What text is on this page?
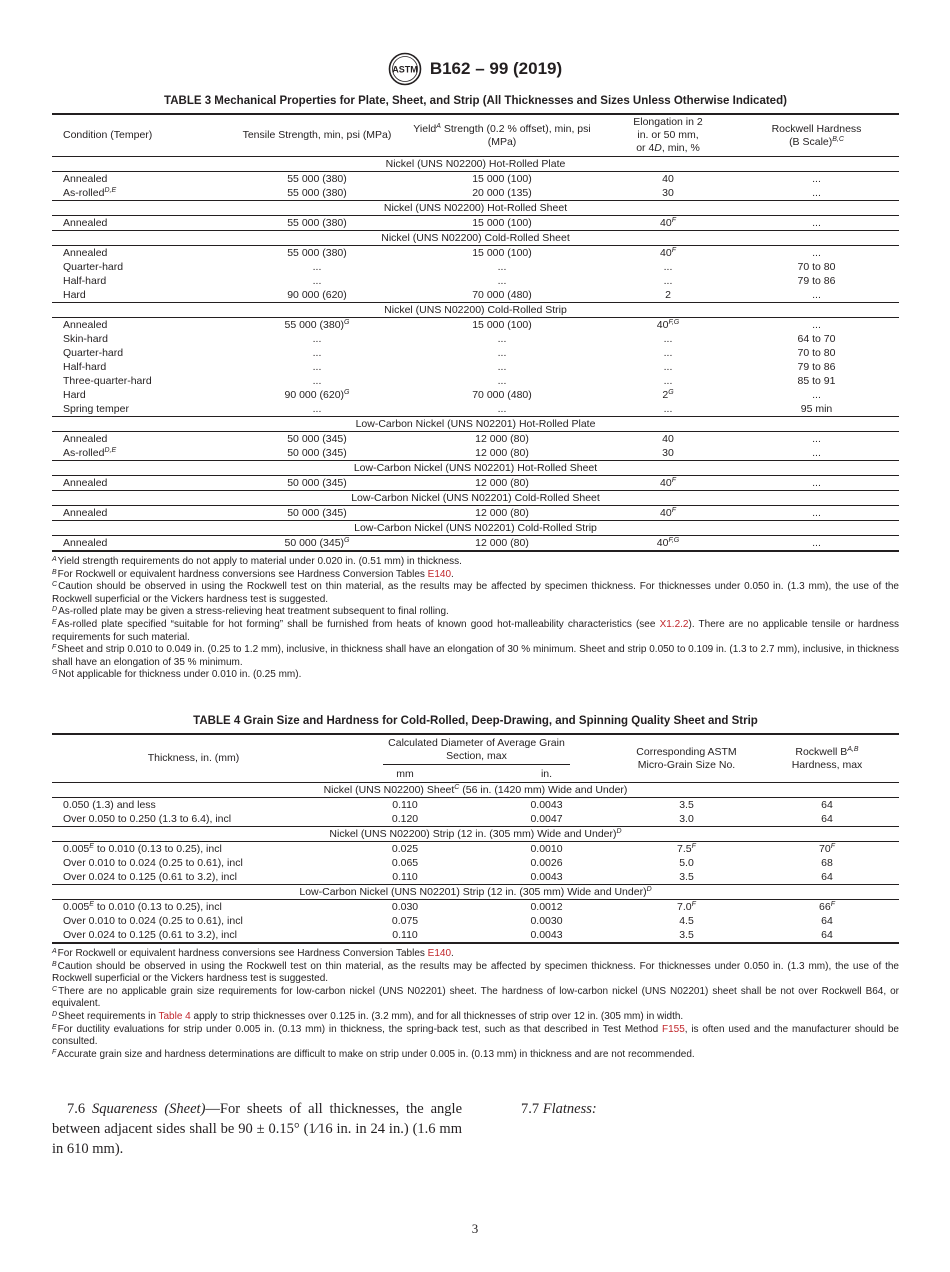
ASTM B162 – 99 (2019)
TABLE 3 Mechanical Properties for Plate, Sheet, and Strip (All Thicknesses and Sizes Unless Otherwise Indicated)
Condition (Temper)	Tensile Strength, min, psi (MPa)	Yield$^A$ Strength (0.2 % offset), min, psi (MPa)	Elongation in 2
in. or 50 mm,
or 4D, min, %	Rockwell Hardness
(B Scale)$^{B,C}$
Nickel (UNS N02200) Hot-Rolled Plate				
Annealed	55 000 (380)	15 000 (100)	40	...
As-rolled$^{D,E}$	55 000 (380)	20 000 (135)	30	...
Nickel (UNS N02200) Hot-Rolled Sheet				
Annealed	55 000 (380)	15 000 (100)	$40^F$	...
Nickel (UNS N02200) Cold-Rolled Sheet				
Annealed	55 000 (380)	15 000 (100)	$40^F$	...
Quarter-hard	...	...	...	70 to 80
Half-hard	...	...	...	79 to 86
Hard	90 000 (620)	70 000 (480)	2	...
Nickel (UNS N02200) Cold-Rolled Strip				
Annealed	55 000 $(380)^G$	15 000 (100)	$40^{F,G}$	...
Skin-hard	...	...	...	64 to 70
Quarter-hard	...	...	...	70 to 80
Half-hard	...	...	...	79 to 86
Three-quarter-hard	...	...	...	85 to 91
Hard	90 000 $(620)^G$	70 000 (480)	$2^G$	...
Spring temper	...	...	...	95 min
Low-Carbon Nickel (UNS N02201) Hot-Rolled Plate				
Annealed	50 000 (345)	12 000 (80)	40	...
As-rolled$^{D,E}$	50 000 (345)	12 000 (80)	30	...
Low-Carbon Nickel (UNS N02201) Hot-Rolled Sheet				
Annealed	50 000 (345)	12 000 (80)	$40^F$	...
Low-Carbon Nickel (UNS N02201) Cold-Rolled Sheet				
Annealed	50 000 (345)	12 000 (80)	$40^F$	...
Low-Carbon Nickel (UNS N02201) Cold-Rolled Strip				
Annealed	50 000 $(345)^G$	12 000 (80)	$40^{F,G}$	...

$^A$Yield strength requirements do not apply to material under 0.020 in. (0.51 mm) in thickness.

$^B$For Rockwell or equivalent hardness conversions see Hardness Conversion Tables E140.

$^C$Caution should be observed in using the Rockwell test on thin material, as the results may be affected by specimen thickness. For thicknesses under 0.050 in. (1.3 mm), the use of the Rockwell superficial or the Vickers hardness test is suggested.

$^D$As-rolled plate may be given a stress-relieving heat treatment subsequent to final rolling.

$^E$As-rolled plate specified “suitable for hot forming” shall be furnished from heats of known good hot-malleability characteristics (see X1.2.2). There are no applicable tensile or hardness requirements for such material.

$^F$Sheet and strip 0.010 to 0.049 in. (0.25 to 1.2 mm), inclusive, in thickness shall have an elongation of 30 % minimum. Sheet and strip 0.050 to 0.109 in. (1.3 to 2.7 mm), inclusive, in thickness shall have an elongation of 35 % minimum.

$^G$Not applicable for thickness under 0.010 in. (0.25 mm).

TABLE 4 Grain Size and Hardness for Cold-Rolled, Deep-Drawing, and Spinning Quality Sheet and Strip
Thickness, in. (mm)	Calculated Diameter of Average Grain Section, max		Corresponding ASTM
Micro-Grain Size No.	Rockwell $B^{A,B}$
Hardness, max
	mm	in.		
Nickel (UNS N02200) Sheet$^C$ (56 in. (1420 mm) Wide and Under)				
0.050 (1.3) and less	0.110	0.0043	3.5	64
Over 0.050 to 0.250 (1.3 to 6.4), incl	0.120	0.0047	3.0	64
Nickel (UNS N02200) Strip (12 in. (305 mm) Wide and Under)$^D$
$0.005^E$ to 0.010 (0.13 to 0.25), incl	0.025	0.0010	$7.5^F$	$70^F$
Over 0.010 to 0.024 (0.25 to 0.61), incl	0.065	0.0026	5.0	68
Over 0.024 to 0.125 (0.61 to 3.2), incl	0.110	0.0043	3.5	64
Low-Carbon Nickel (UNS N02201) Strip (12 in. (305 mm) Wide and Under)$^D$
$0.005^E$ to 0.010 (0.13 to 0.25), incl	0.030	0.0012	$7.0^F$	$66^F$
Over 0.010 to 0.024 (0.25 to 0.61), incl	0.075	0.0030	4.5	64
Over 0.024 to 0.125 (0.61 to 3.2), incl	0.110	0.0043	3.5	64

$^A$For Rockwell or equivalent hardness conversions see Hardness Conversion Tables E140.

$^B$Caution should be observed in using the Rockwell test on thin material, as the results may be affected by specimen thickness. For thicknesses under 0.050 in. (1.3 mm), the use of the Rockwell superficial or the Vickers hardness test is suggested.

$^C$There are no applicable grain size requirements for low-carbon nickel (UNS N02201) sheet. The hardness of low-carbon nickel (UNS N02201) sheet shall be not over Rockwell B64, or equivalent.

$^D$Sheet requirements in Table 4 apply to strip thicknesses over 0.125 in. (3.2 mm), and for all thicknesses of strip over 12 in. (305 mm) in width.

$^E$For ductility evaluations for strip under 0.005 in. (0.13 mm) in thickness, the spring-back test, such as that described in Test Method F155, is often used and the manufacturer should be consulted.

$^F$Accurate grain size and hardness determinations are difficult to make on strip under 0.005 in. (0.13 mm) in thickness and are not recommended.

7.6 Squareness (Sheet)—For sheets of all thicknesses, the angle between adjacent sides shall be 90 ± 0.15° (1⁄16 in. in 24 in.) (1.6 mm in 610 mm).

7.7 Flatness:

3
